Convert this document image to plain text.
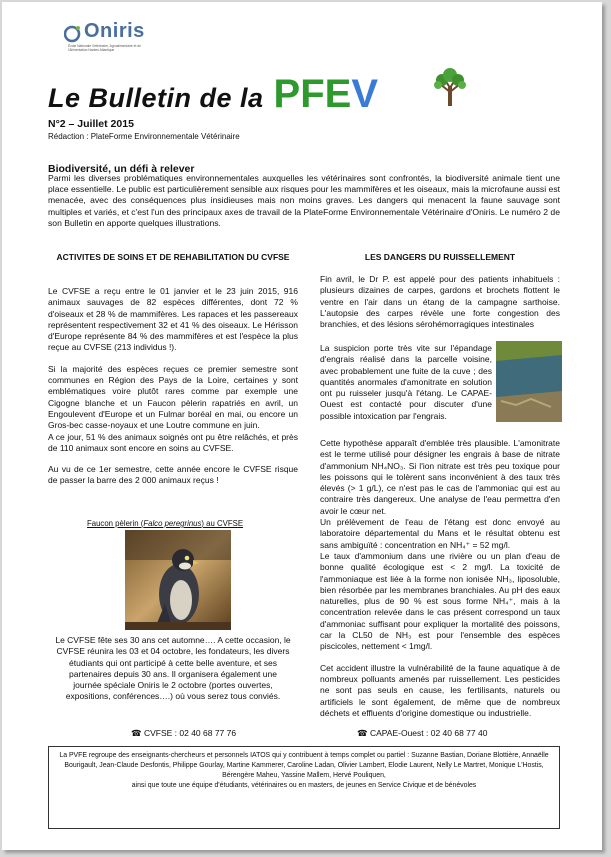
Oniris
École Nationale Vétérinaire, Agroalimentaire et de l'Alimentation Nantes Atlantique
Le Bulletin de la PFEV
N°2 – Juillet 2015
Rédaction : PlateForme Environnementale Vétérinaire
Biodiversité, un défi à relever
Parmi les diverses problématiques environnementales auxquelles les vétérinaires sont confrontés, la biodiversité animale tient une place essentielle. Le public est particulièrement sensible aux risques pour les mammifères et les oiseaux, mais la microfaune aussi est menacée, avec des conséquences plus insidieuses mais non moins graves. Les dangers qui menacent la faune sauvage sont multiples et variés, et c'est l'un des principaux axes de travail de la PlateForme Environnementale Vétérinaire d'Oniris. Le numéro 2 de son Bulletin en apporte quelques illustrations.
ACTIVITES DE SOINS ET DE REHABILITATION DU CVFSE

Le CVFSE a reçu entre le 01 janvier et le 23 juin 2015, 916 animaux sauvages de 82 espèces différentes, dont 72 % d'oiseaux et 28 % de mammifères. Les rapaces et les passereaux représentent respectivement 32 et 41 % des oiseaux. Le Hérisson d'Europe représente 84 % des mammifères et est l'espèce la plus reçue au CVFSE (213 individus !).

Si la majorité des espèces reçues ce premier semestre sont communes en Région des Pays de la Loire, certaines y sont emblématiques voire plutôt rares comme par exemple une Cigogne blanche et un Faucon pèlerin rapatriés en avril, un Engoulevent d'Europe et un Fulmar boréal en mai, ou encore un Gros-bec casse-noyaux et une Loutre commune en juin.

A ce jour, 51 % des animaux soignés ont pu être relâchés, et près de 110 animaux sont encore en soins au CVFSE.

Au vu de ce 1er semestre, cette année encore le CVFSE risque de passer la barre des 2 000 animaux reçus !

Faucon pèlerin (Falco peregrinus) au CVFSE

Le CVFSE fête ses 30 ans cet automne…. A cette occasion, le CVFSE réunira les 03 et 04 octobre, les fondateurs, les divers étudiants qui ont participé à cette belle aventure, et ses partenaires depuis 30 ans. Il organisera également une journée spéciale Oniris le 2 octobre (portes ouvertes, expositions, conférences….) où vous serez tous conviés.

LES DANGERS DU RUISSELLEMENT

Fin avril, le Dr P. est appelé pour des patients inhabituels : plusieurs dizaines de carpes, gardons et brochets flottent le ventre en l'air dans un étang de la campagne sarthoise. L'autopsie des carpes révèle une forte congestion des branchies, et des lésions sérohémorragiques intestinales

La suspicion porte très vite sur l'épandage d'engrais réalisé dans la parcelle voisine, avec probablement une fuite de la cuve ; des quantités anormales d'amonitrate en solution ont pu ruisseler jusqu'à l'étang. Le CAPAE-Ouest est contacté pour discuter d'une possible intoxication par l'engrais.

Cette hypothèse apparaît d'emblée très plausible. L'amonitrate est le terme utilisé pour désigner les engrais à base de nitrate d'ammonium NH₄NO₃. Si l'ion nitrate est très peu toxique pour les poissons qui le tolèrent sans inconvénient à des taux très élevés (> 1 g/L), ce n'est pas le cas de l'ammoniac qui est au contraire très dangereux. Une analyse de l'eau permettra d'en avoir le cœur net.

Un prélèvement de l'eau de l'étang est donc envoyé au laboratoire départemental du Mans et le résultat obtenu est sans ambiguïté : concentration en NH₄⁺ = 52 mg/l.

Le taux d'ammonium dans une rivière ou un plan d'eau de bonne qualité écologique est < 2 mg/l. La toxicité de l'ammoniaque est liée à la forme non ionisée NH₃, liposoluble, bien résorbée par les membranes branchiales. Au pH des eaux naturelles, plus de 90 % est sous forme NH₄⁺, mais à la concentration relevée dans le cas présent correspond un taux d'ammoniac suffisant pour expliquer la mortalité des poissons, car la CL50 de NH₃ est pour l'ensemble des espèces piscicoles, nettement < 1mg/l.

Cet accident illustre la vulnérabilité de la faune aquatique à de nombreux polluants amenés par ruissellement. Les pesticides ne sont pas seuls en cause, les fertilisants, naturels ou artificiels le sont également, de même que de nombreux déchets et effluents d'origine domestique ou industrielle.

☎ CVFSE : 02 40 68 77 76	☎ CAPAE-Ouest : 02 40 68 77 40
La PVFE regroupe des enseignants-chercheurs et personnels IATOS qui y contribuent à temps complet ou partiel : Suzanne Bastian, Doriane Blottière, Annaëlle Bourigault, Jean-Claude Desfontis, Philippe Gourlay, Martine Kammerer, Caroline Ladan, Olivier Lambert, Elodie Laurent, Nelly Le Martret, Monique L'Hostis, Bérengère Maheu, Yassine Mallem, Hervé Pouliquen,
ainsi que toute une équipe d'étudiants, vétérinaires ou en masters, de jeunes en Service Civique et de bénévoles
